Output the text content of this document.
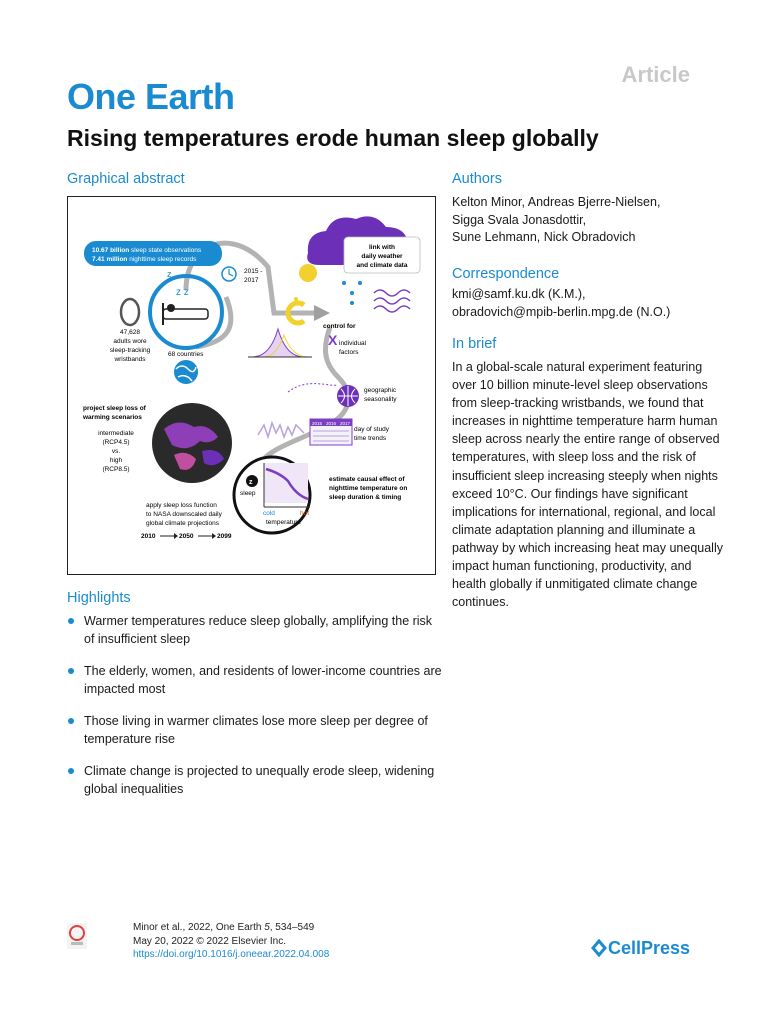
Article
One Earth
Rising temperatures erode human sleep globally
Graphical abstract
10.67 billion sleep state observations
7.41 million nighttime sleep records
2015 -
2017
z
z z
47,628
adults wore
sleep-tracking
wristbands
68 countries
link with
daily weather
and climate data
control for
X individual
factors
geographic
seasonality
2015 2016 2017
day of study
time trends
project sleep loss of
warming scenarios
intermediate
(RCP4.5)
vs.
high
(RCP8.5)
z
sleep
cold	hot
temperature
estimate causal effect of
nighttime temperature on
sleep duration & timing
apply sleep loss function
to NASA downscaled daily
global climate projections
2010	2050	2099
Authors
Kelton Minor, Andreas Bjerre-Nielsen,
Sigga Svala Jonasdottir,
Sune Lehmann, Nick Obradovich
Correspondence
kmi@samf.ku.dk (K.M.),
obradovich@mpib-berlin.mpg.de (N.O.)
In brief
In a global-scale natural experiment featuring over 10 billion minute-level sleep observations from sleep-tracking wristbands, we found that increases in nighttime temperature harm human sleep across nearly the entire range of observed temperatures, with sleep loss and the risk of insufficient sleep increasing steeply when nights exceed 10°C. Our findings have significant implications for international, regional, and local climate adaptation planning and illuminate a pathway by which increasing heat may unequally impact human functioning, productivity, and health globally if unmitigated climate change continues.
Highlights
Warmer temperatures reduce sleep globally, amplifying the risk of insufficient sleep
The elderly, women, and residents of lower-income countries are impacted most
Those living in warmer climates lose more sleep per degree of temperature rise
Climate change is projected to unequally erode sleep, widening global inequalities
Minor et al., 2022, One Earth 5, 534–549
May 20, 2022 © 2022 Elsevier Inc.
https://doi.org/10.1016/j.oneear.2022.04.008	CellPress
